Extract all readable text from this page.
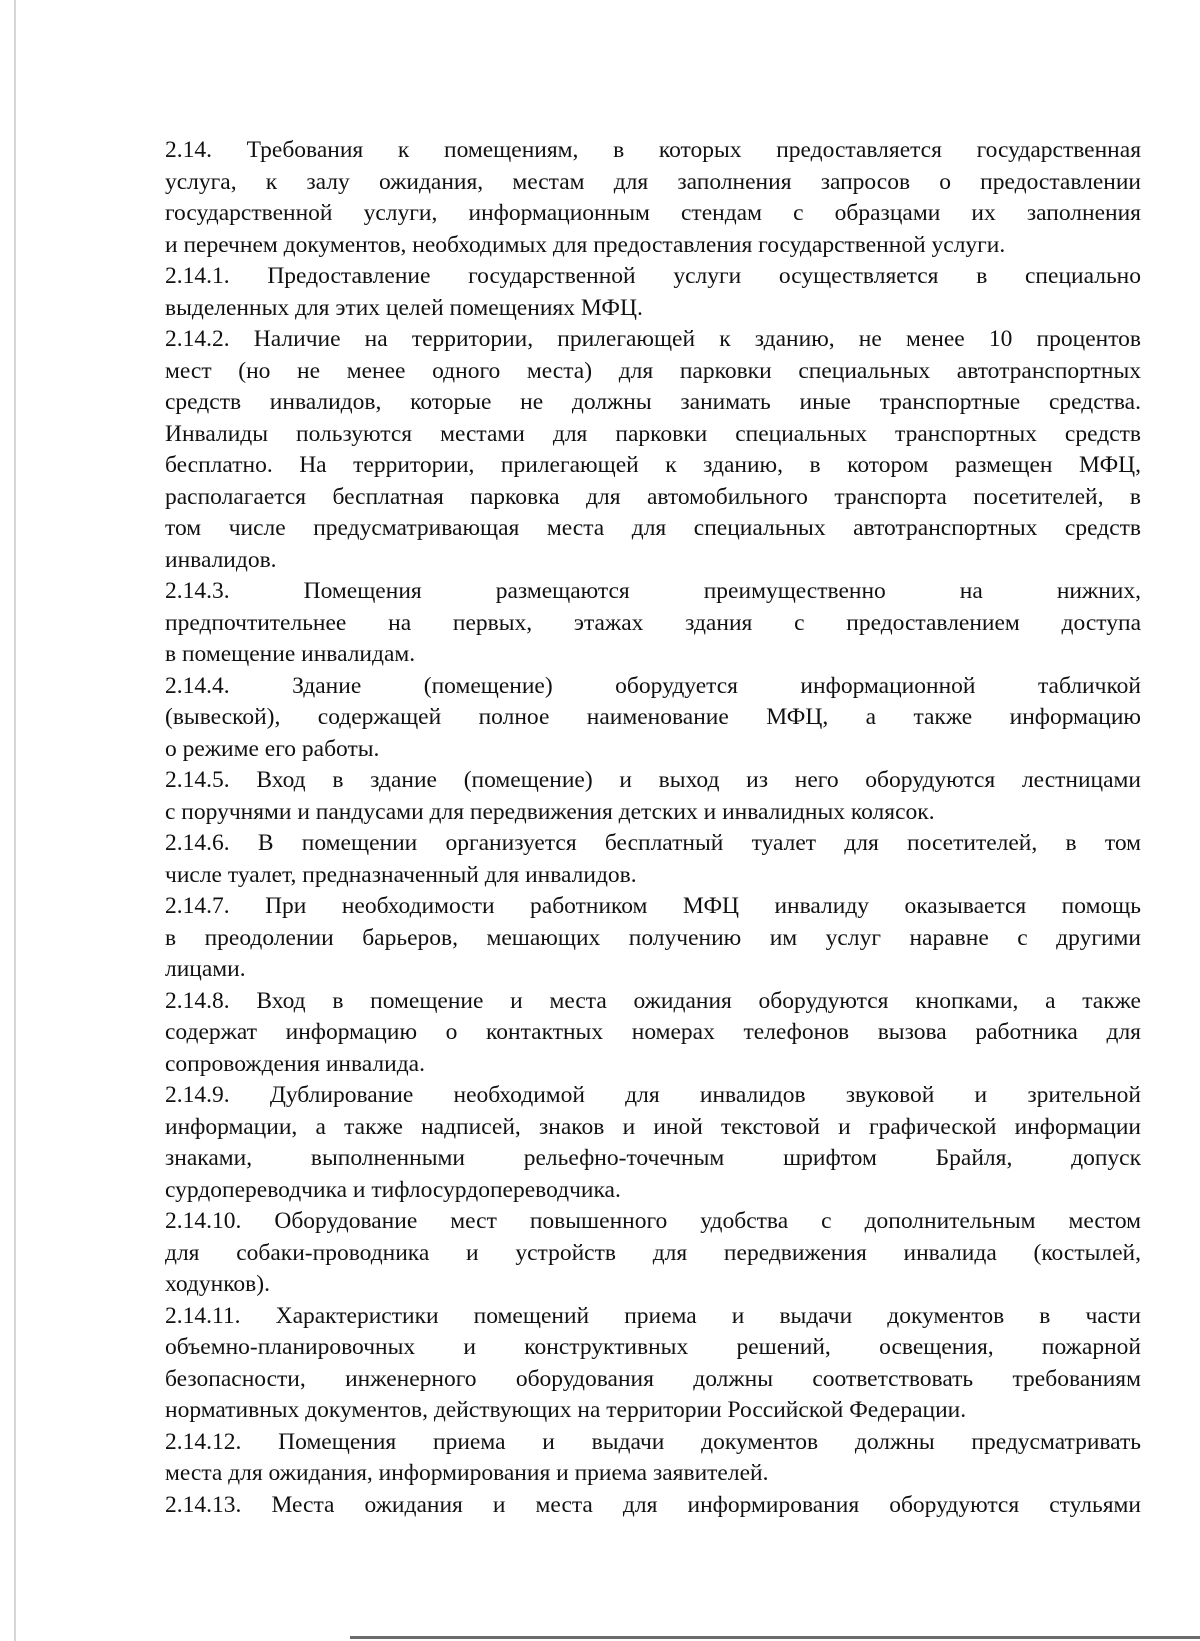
2.14. Требования к помещениям, в которых предоставляется государственная
услуга, к залу ожидания, местам для заполнения запросов о предоставлении
государственной услуги, информационным стендам с образцами их заполнения
и перечнем документов, необходимых для предоставления государственной услуги.
2.14.1. Предоставление государственной услуги осуществляется в специально
выделенных для этих целей помещениях МФЦ.
2.14.2. Наличие на территории, прилегающей к зданию, не менее 10 процентов
мест (но не менее одного места) для парковки специальных автотранспортных
средств инвалидов, которые не должны занимать иные транспортные средства.
Инвалиды пользуются местами для парковки специальных транспортных средств
бесплатно. На территории, прилегающей к зданию, в котором размещен МФЦ,
располагается бесплатная парковка для автомобильного транспорта посетителей, в
том числе предусматривающая места для специальных автотранспортных средств
инвалидов.
2.14.3. Помещения размещаются преимущественно на нижних,
предпочтительнее на первых, этажах здания с предоставлением доступа
в помещение инвалидам.
2.14.4. Здание (помещение) оборудуется информационной табличкой
(вывеской), содержащей полное наименование МФЦ, а также информацию
о режиме его работы.
2.14.5. Вход в здание (помещение) и выход из него оборудуются лестницами
с поручнями и пандусами для передвижения детских и инвалидных колясок.
2.14.6. В помещении организуется бесплатный туалет для посетителей, в том
числе туалет, предназначенный для инвалидов.
2.14.7. При необходимости работником МФЦ инвалиду оказывается помощь
в преодолении барьеров, мешающих получению им услуг наравне с другими
лицами.
2.14.8. Вход в помещение и места ожидания оборудуются кнопками, а также
содержат информацию о контактных номерах телефонов вызова работника для
сопровождения инвалида.
2.14.9. Дублирование необходимой для инвалидов звуковой и зрительной
информации, а также надписей, знаков и иной текстовой и графической информации
знаками, выполненными рельефно-точечным шрифтом Брайля, допуск
сурдопереводчика и тифлосурдопереводчика.
2.14.10. Оборудование мест повышенного удобства с дополнительным местом
для собаки-проводника и устройств для передвижения инвалида (костылей,
ходунков).
2.14.11. Характеристики помещений приема и выдачи документов в части
объемно-планировочных и конструктивных решений, освещения, пожарной
безопасности, инженерного оборудования должны соответствовать требованиям
нормативных документов, действующих на территории Российской Федерации.
2.14.12. Помещения приема и выдачи документов должны предусматривать
места для ожидания, информирования и приема заявителей.
2.14.13. Места ожидания и места для информирования оборудуются стульями
